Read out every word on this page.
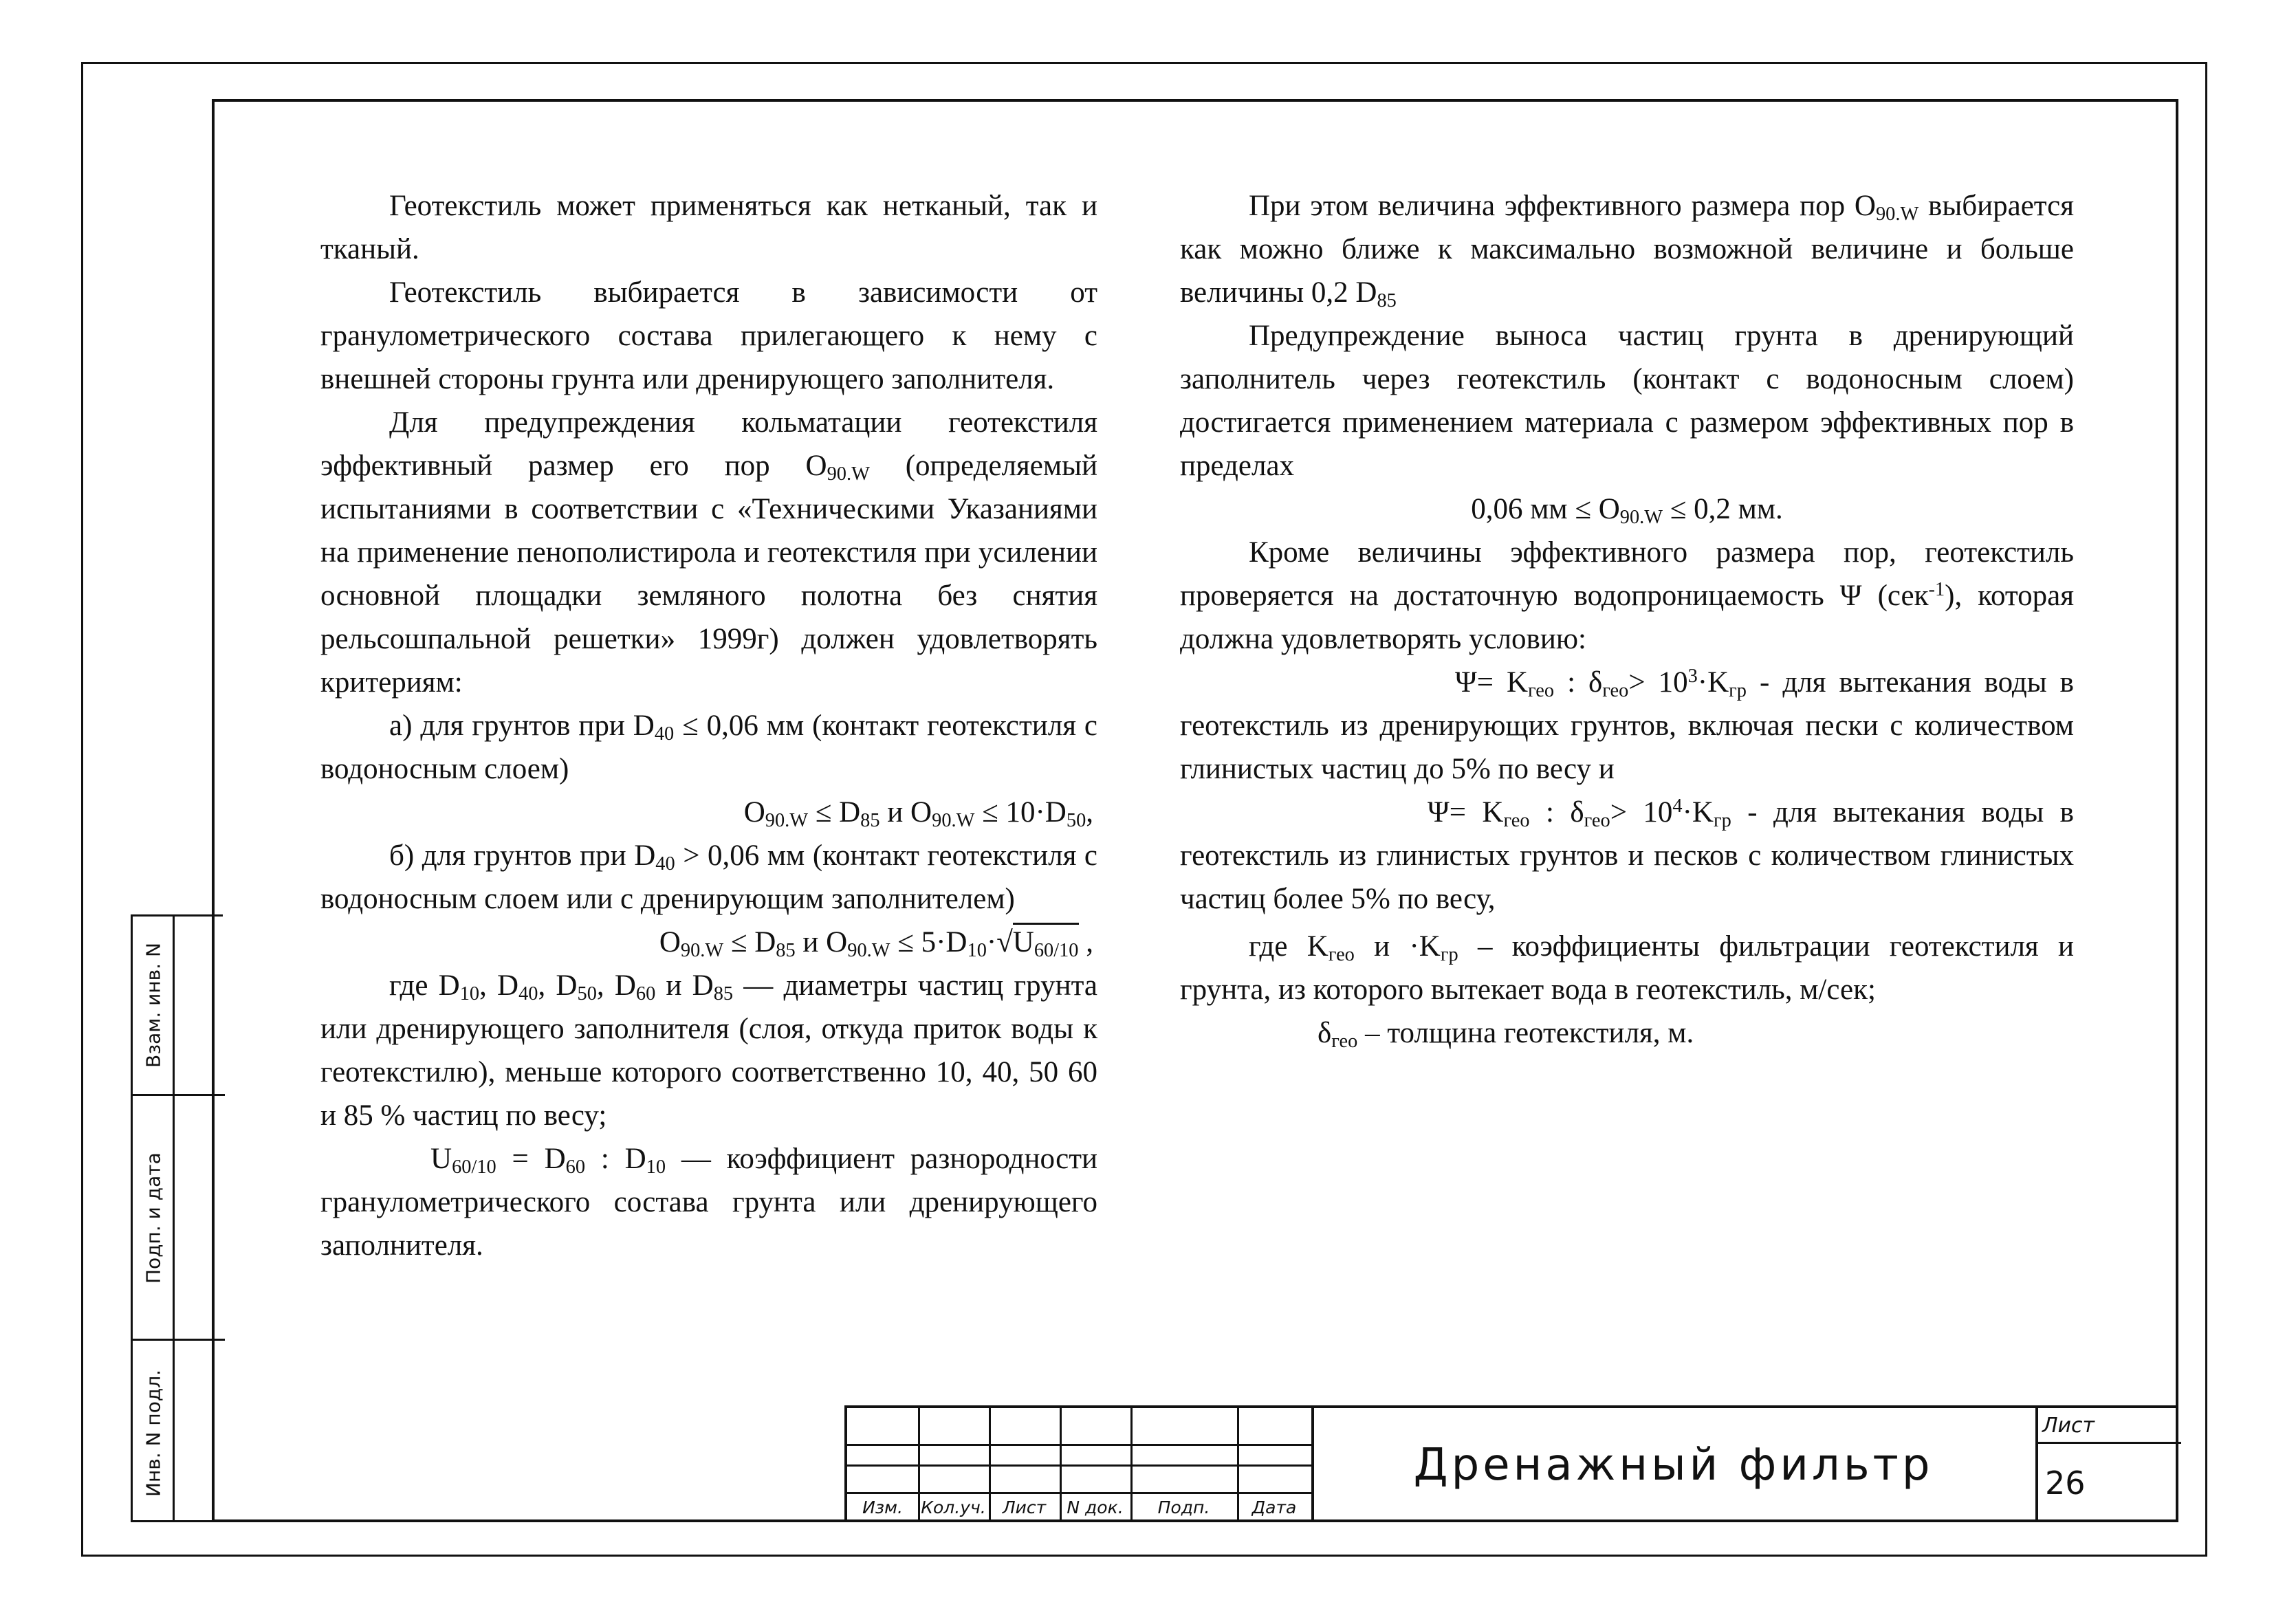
Геотекстиль может применяться как нетканый, так и тканый.

Геотекстиль выбирается в зависимости от гранулометрического состава прилегающего к нему с внешней стороны грунта или дренирующего заполнителя.

Для предупреждения кольматации геотекстиля эффективный размер его пор $O_{90.W}$ (определяемый испытаниями в соответствии с «Техническими Указаниями на применение пенополистирола и геотекстиля при усилении основной площадки земляного полотна без снятия рельсошпальной решетки» 1999г) должен удовлетворять критериям:

а) для грунтов при $D_{40} \le 0,06$ мм (контакт геотекстиля с водоносным слоем)

$O_{90.W} \le D_{85}$ и $O_{90.W} \le 10\cdot D_{50}$,

б) для грунтов при $D_{40} > 0,06$ мм (контакт геотекстиля с водоносным слоем или с дренирующим заполнителем)

$O_{90.W} \le D_{85}$ и $O_{90.W} \le 5\cdot D_{10}\cdot√U_{60/10}$ ,

где $D_{10}$, $D_{40}$, $D_{50}$, $D_{60}$ и $D_{85}$ — диаметры частиц грунта или дренирующего заполнителя (слоя, откуда приток воды к геотекстилю), меньше которого соответственно 10, 40, 50 60 и 85 % частиц по весу;

$U_{60/10} = D_{60}$ : $D_{10}$ — коэффициент разнородности гранулометрического состава грунта или дренирующего заполнителя.

При этом величина эффективного размера пор $O_{90.W}$ выбирается как можно ближе к максимально возможной величине и больше величины 0,2 $D_{85}$

Предупреждение выноса частиц грунта в дренирующий заполнитель через геотекстиль (контакт с водоносным слоем) достигается применением материала с размером эффективных пор в пределах

0,06 мм ≤ $O_{90.W} \le 0,2$ мм.

Кроме величины эффективного размера пор, геотекстиль проверяется на достаточную водопроницаемость Ψ (сек$^{-1}$), которая должна удовлетворять условию:

$\Psi= K_{гео}$ : $\delta_{гео}> 10^3\cdot K_{гр}$ - для вытекания воды в геотекстиль из дренирующих грунтов, включая пески с количеством глинистых частиц до 5% по весу и

$\Psi= K_{гео}$ : $\delta_{гео}> 10^4\cdot K_{гр}$ - для вытекания воды в геотекстиль из глинистых грунтов и песков с количеством глинистых частиц более 5% по весу,

где $K_{гео}$ $и \cdot K_{гр}$ – коэффициенты фильтрации геотекстиля и грунта, из которого вытекает вода в геотекстиль, м/сек;

$\delta_{гео}$ – толщина геотекстиля, м.

Взам. инв. N
Подп. и дата
Инв. N подл.
Изм.	Кол.уч. Лист	N док.	Подп.	Дата
Дренажный фильтр
Лист
26
